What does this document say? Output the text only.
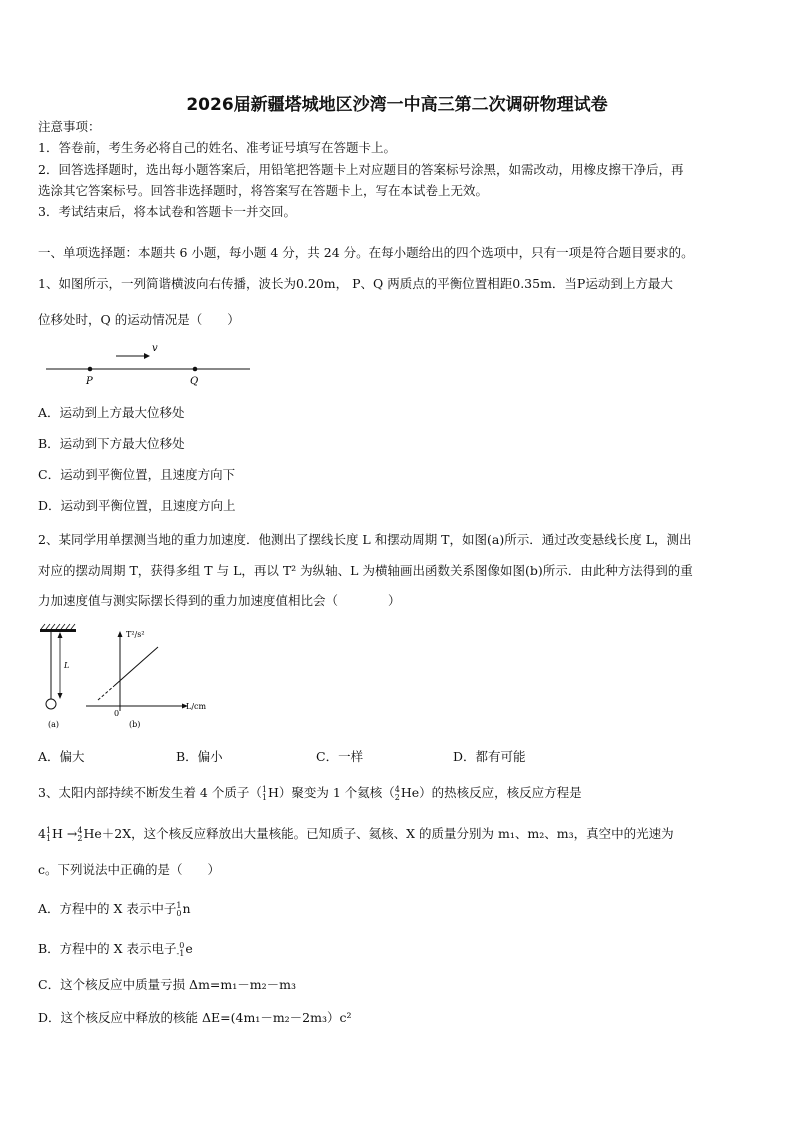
2026届新疆塔城地区沙湾一中高三第二次调研物理试卷
注意事项：
1．答卷前，考生务必将自己的姓名、准考证号填写在答题卡上。
2．回答选择题时，选出每小题答案后，用铅笔把答题卡上对应题目的答案标号涂黑，如需改动，用橡皮擦干净后，再
选涂其它答案标号。回答非选择题时，将答案写在答题卡上，写在本试卷上无效。
3．考试结束后，将本试卷和答题卡一并交回。
一、单项选择题：本题共 6 小题，每小题 4 分，共 24 分。在每小题给出的四个选项中，只有一项是符合题目要求的。
1、如图所示，一列简谐横波向右传播，波长为0.20m， P、Q 两质点的平衡位置相距0.35m．当P运动到上方最大
位移处时，Q 的运动情况是（　　）
v
P	Q
A．运动到上方最大位移处
B．运动到下方最大位移处
C．运动到平衡位置，且速度方向下
D．运动到平衡位置，且速度方向上
2、某同学用单摆测当地的重力加速度．他测出了摆线长度 L 和摆动周期 T，如图(a)所示．通过改变悬线长度 L，测出
对应的摆动周期 T，获得多组 T 与 L，再以 T² 为纵轴、L 为横轴画出函数关系图像如图(b)所示．由此种方法得到的重
力加速度值与测实际摆长得到的重力加速度值相比会（　　　　）
L
(a)
T²/s²
L/cm
0
(b)
A．偏大	B．偏小	C．一样	D．都有可能
3、太阳内部持续不断发生着 4 个质子（1
1H）聚变为 1 个氦核（4
2He）的热核反应，核反应方程是
41
1H →4
2He＋2X，这个核反应释放出大量核能。已知质子、氦核、X 的质量分别为 m₁、m₂、m₃，真空中的光速为
c。下列说法中正确的是（　　）
A．方程中的 X 表示中子1
0n
B．方程中的 X 表示电子 0
-1e
C．这个核反应中质量亏损 Δm=m₁－m₂－m₃
D．这个核反应中释放的核能 ΔE=(4m₁－m₂－2m₃）c²
